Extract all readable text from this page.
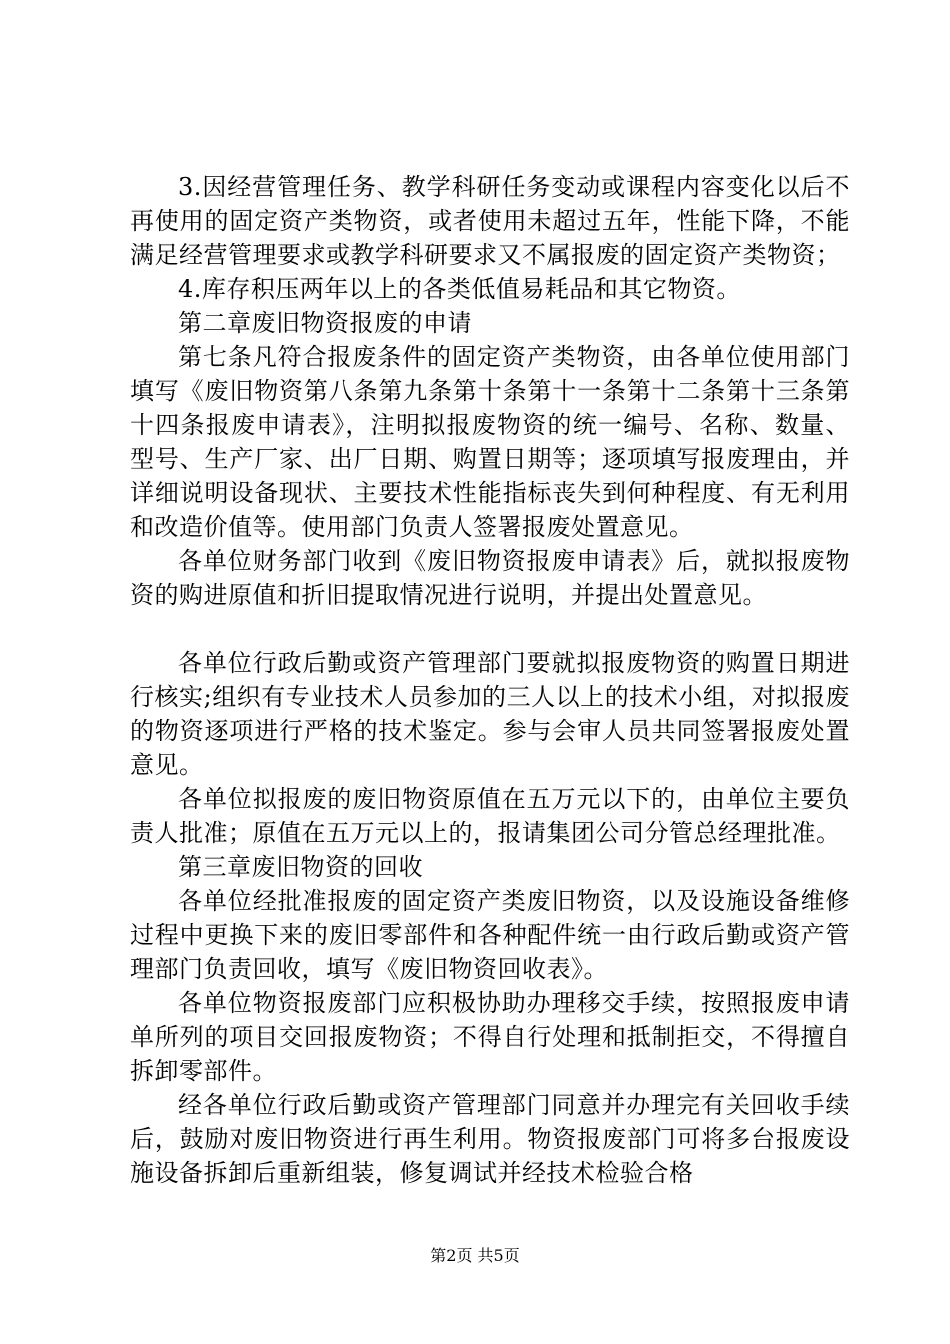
3.因经营管理任务、教学科研任务变动或课程内容变化以后不再使用的固定资产类物资，或者使用未超过五年，性能下降，不能满足经营管理要求或教学科研要求又不属报废的固定资产类物资；

4.库存积压两年以上的各类低值易耗品和其它物资。

第二章废旧物资报废的申请

第七条凡符合报废条件的固定资产类物资，由各单位使用部门填写《废旧物资第八条第九条第十条第十一条第十二条第十三条第十四条报废申请表》，注明拟报废物资的统一编号、名称、数量、型号、生产厂家、出厂日期、购置日期等；逐项填写报废理由，并详细说明设备现状、主要技术性能指标丧失到何种程度、有无利用和改造价值等。使用部门负责人签署报废处置意见。

各单位财务部门收到《废旧物资报废申请表》后，就拟报废物资的购进原值和折旧提取情况进行说明，并提出处置意见。

各单位行政后勤或资产管理部门要就拟报废物资的购置日期进行核实;组织有专业技术人员参加的三人以上的技术小组，对拟报废的物资逐项进行严格的技术鉴定。参与会审人员共同签署报废处置意见。

各单位拟报废的废旧物资原值在五万元以下的，由单位主要负责人批准；原值在五万元以上的，报请集团公司分管总经理批准。

第三章废旧物资的回收

各单位经批准报废的固定资产类废旧物资，以及设施设备维修过程中更换下来的废旧零部件和各种配件统一由行政后勤或资产管理部门负责回收，填写《废旧物资回收表》。

各单位物资报废部门应积极协助办理移交手续，按照报废申请单所列的项目交回报废物资；不得自行处理和抵制拒交，不得擅自拆卸零部件。

经各单位行政后勤或资产管理部门同意并办理完有关回收手续后，鼓励对废旧物资进行再生利用。物资报废部门可将多台报废设施设备拆卸后重新组装，修复调试并经技术检验合格

第2页 共5页
